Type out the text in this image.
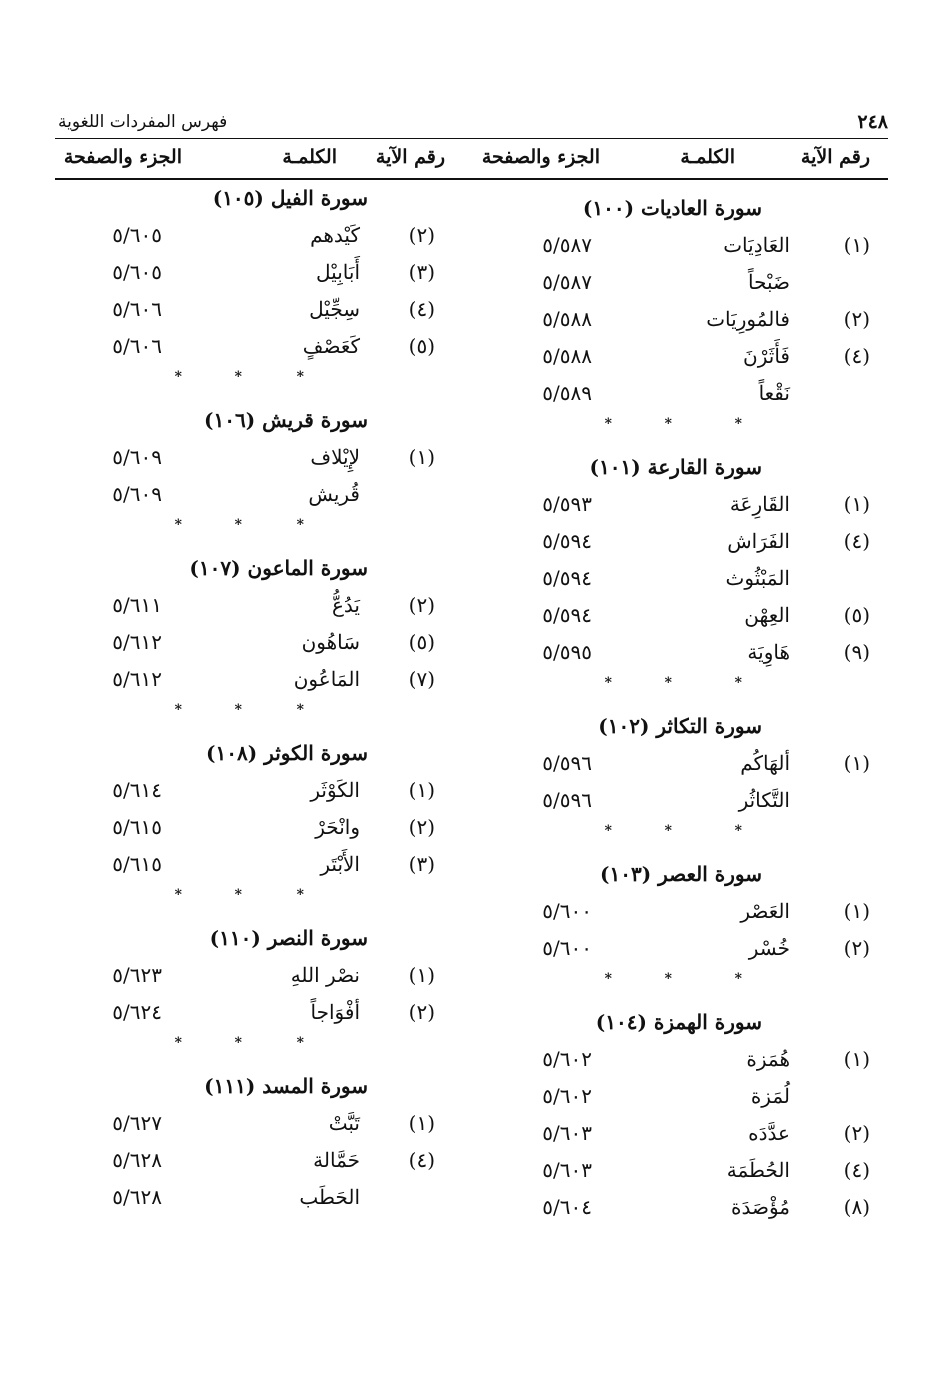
٢٤٨
فهرس المفردات اللغوية
رقم الآية
الكلمـة
الجزء والصفحة
رقم الآية
الكلمـة
الجزء والصفحة
سورة العاديات (١٠٠)
(١)
العَادِيَات
٥/٥٨٧
ضَبْحاً
٥/٥٨٧
(٢)
فالمُورِيَات
٥/٥٨٨
(٤)
فَأَثَرْنَ
٥/٥٨٨
نَقْعاً
٥/٥٨٩
*
*
*
سورة القارعة (١٠١)
(١)
القَارِعَة
٥/٥٩٣
(٤)
الفَرَاش
٥/٥٩٤
المَبْثُوث
٥/٥٩٤
(٥)
العِهْن
٥/٥٩٤
(٩)
هَاوِيَة
٥/٥٩٥
*
*
*
سورة التكاثر (١٠٢)
(١)
ألهَاكُم
٥/٥٩٦
التَّكاثُر
٥/٥٩٦
*
*
*
سورة العصر (١٠٣)
(١)
العَصْر
٥/٦٠٠
(٢)
خُسْر
٥/٦٠٠
*
*
*
سورة الهمزة (١٠٤)
(١)
هُمَزة
٥/٦٠٢
لُمَزة
٥/٦٠٢
(٢)
عدَّدَه
٥/٦٠٣
(٤)
الحُطَمَة
٥/٦٠٣
(٨)
مُؤْصَدَة
٥/٦٠٤
سورة الفيل (١٠٥)
(٢)
كَيْدهم
٥/٦٠٥
(٣)
أَبَابِيْل
٥/٦٠٥
(٤)
سِجِّيْل
٥/٦٠٦
(٥)
كَعَصْفٍ
٥/٦٠٦
*
*
*
سورة قريش (١٠٦)
(١)
لإِيْلاف
٥/٦٠٩
قُريش
٥/٦٠٩
*
*
*
سورة الماعون (١٠٧)
(٢)
يَدُعُّ
٥/٦١١
(٥)
سَاهُون
٥/٦١٢
(٧)
المَاعُون
٥/٦١٢
*
*
*
سورة الكوثر (١٠٨)
(١)
الكَوْثَر
٥/٦١٤
(٢)
وانْحَرْ
٥/٦١٥
(٣)
الأَبْتَر
٥/٦١٥
*
*
*
سورة النصر (١١٠)
(١)
نصْر اللهِ
٥/٦٢٣
(٢)
أفْوَاجاً
٥/٦٢٤
*
*
*
سورة المسد (١١١)
(١)
تَبَّتْ
٥/٦٢٧
(٤)
حَمَّالة
٥/٦٢٨
الحَطَب
٥/٦٢٨
